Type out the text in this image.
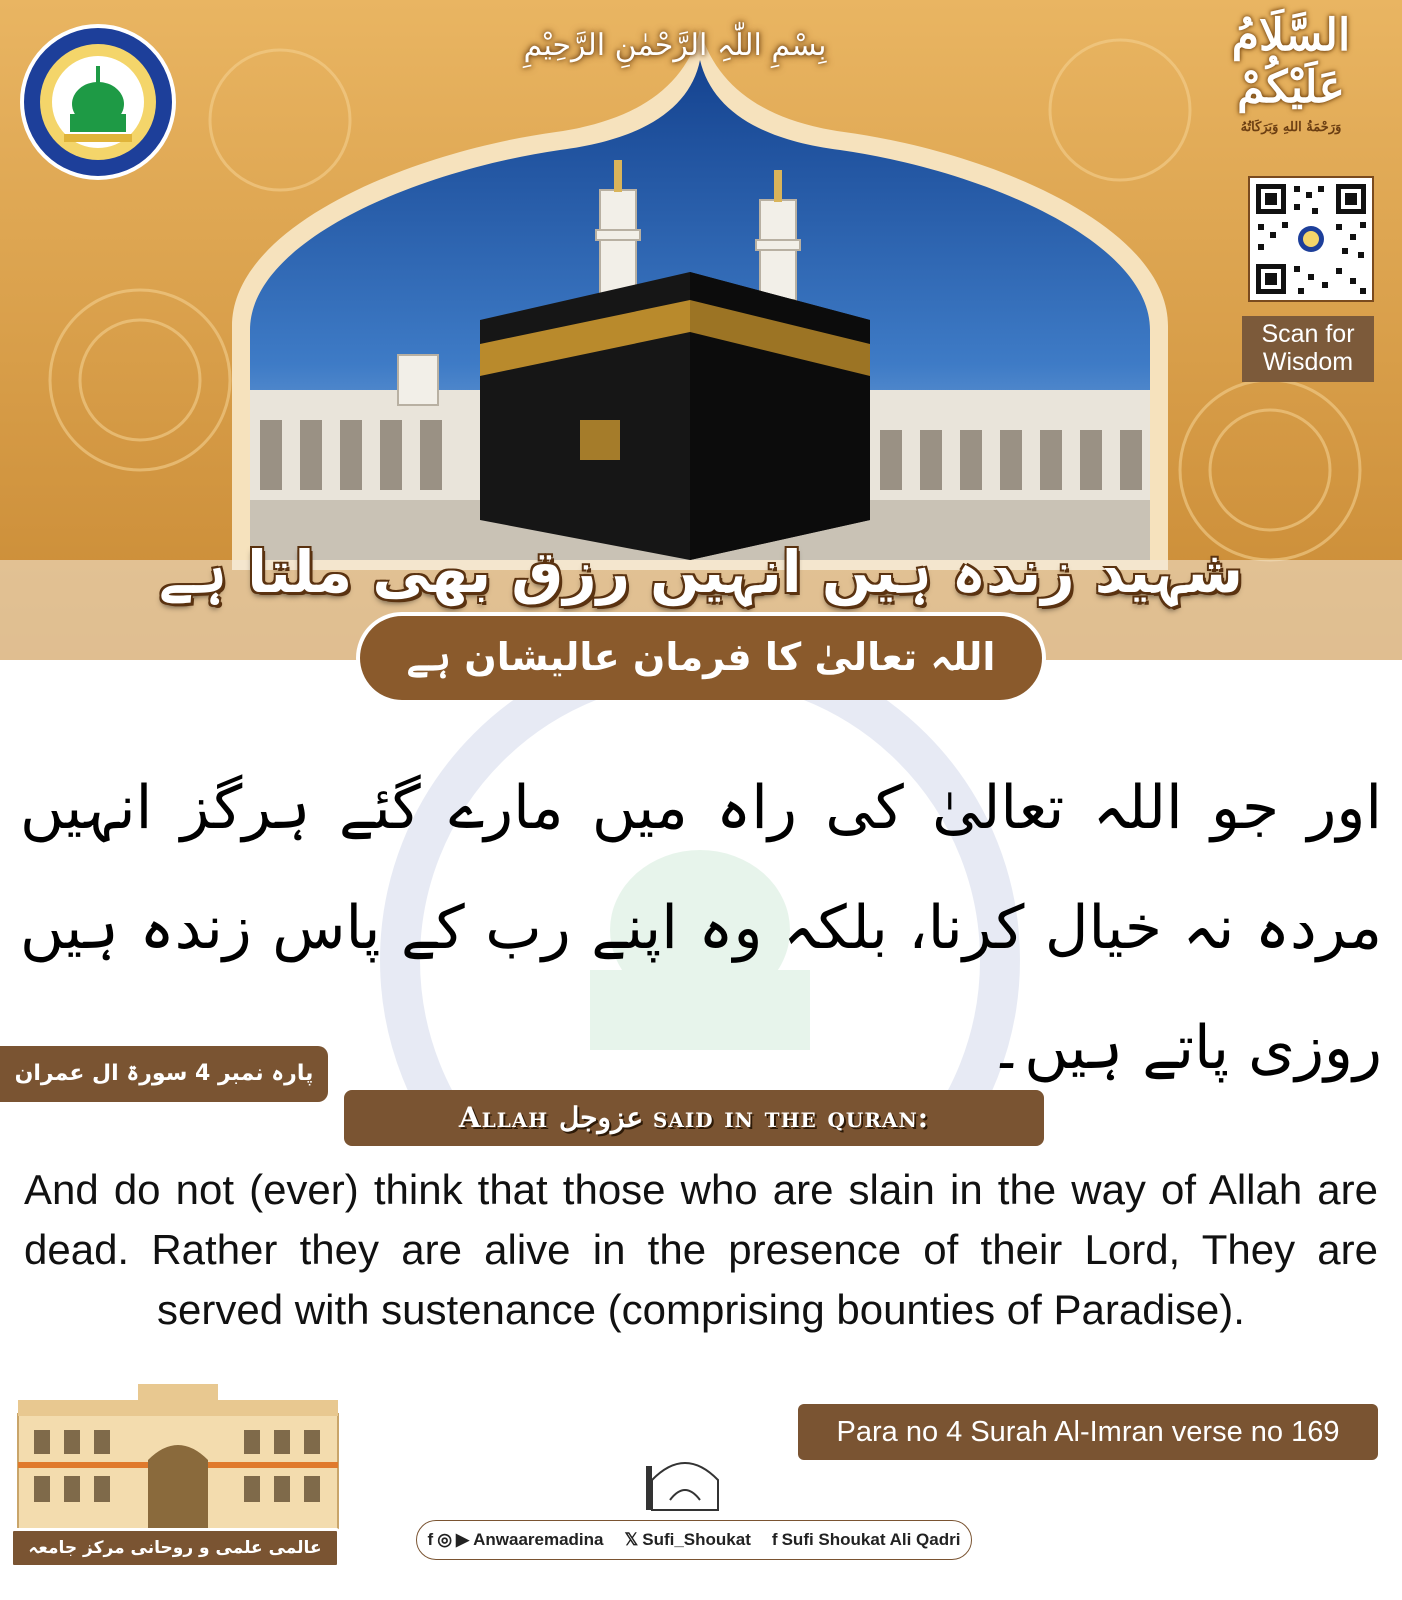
بِسْمِ اللّٰہِ الرَّحْمٰنِ الرَّحِیْمِ	السَّلَامُ عَلَيْكُمْ
وَرَحْمَةُ اللهِ وَبَرَكَاتُهُ
Scan for
Wisdom
شہید زندہ ہیں انہیں رزق بھی ملتا ہے
اللہ تعالیٰ کا فرمان عالیشان ہے
اور جو اللہ تعالیٰ کی راہ میں مارے گئے ہرگز انہیں مردہ نہ خیال کرنا، بلکہ وہ اپنے رب کے پاس زندہ ہیں روزی پاتے ہیں۔
پارہ نمبر 4 سورۃ ال عمران آیت نمبر 169	Allah عزوجل said in the quran:
And do not (ever) think that those who are slain in the way of Allah are dead. Rather they are alive in the presence of their Lord, They are served with sustenance (comprising bounties of Paradise).
Para no 4 Surah Al-Imran verse no 169
عالمی علمی و روحانی مرکز جامعہ انوار مدینہ قاسمیہ
f ◎ ▶ Anwaaremadina 𝕏 Sufi_Shoukat f Sufi Shoukat Ali Qadri
